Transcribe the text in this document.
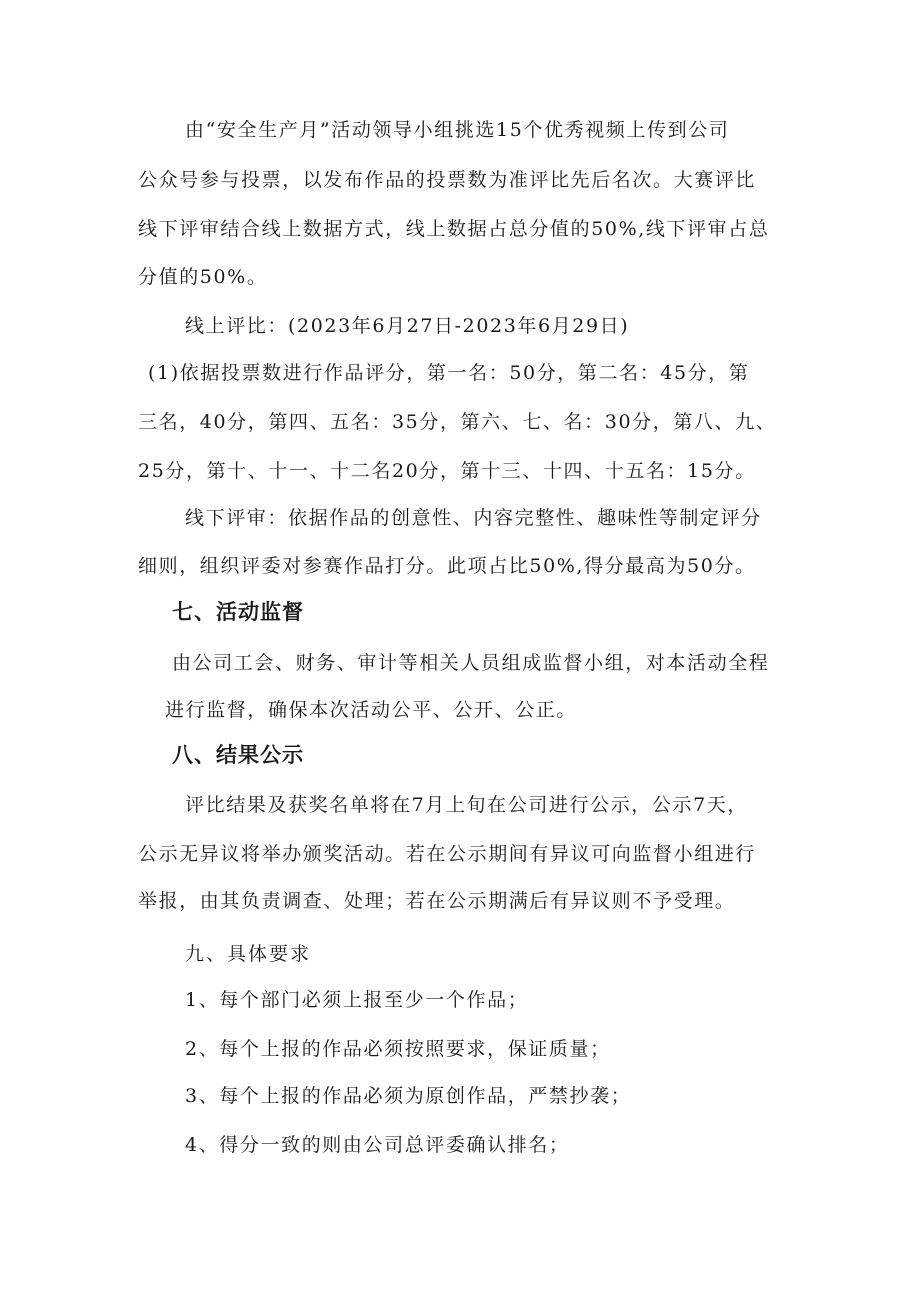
由“安全生产月”活动领导小组挑选15个优秀视频上传到公司
公众号参与投票，以发布作品的投票数为准评比先后名次。大赛评比
线下评审结合线上数据方式，线上数据占总分值的50%,线下评审占总
分值的50%。
线上评比：(2023年6月27日-2023年6月29日)
(1)依据投票数进行作品评分，第一名：50分，第二名：45分，第
三名，40分，第四、五名：35分，第六、七、名：30分，第八、九、
25分，第十、十一、十二名20分，第十三、十四、十五名：15分。
线下评审：依据作品的创意性、内容完整性、趣味性等制定评分
细则，组织评委对参赛作品打分。此项占比50%,得分最高为50分。
七、活动监督
由公司工会、财务、审计等相关人员组成监督小组，对本活动全程
进行监督，确保本次活动公平、公开、公正。
八、结果公示
评比结果及获奖名单将在7月上旬在公司进行公示，公示7天，
公示无异议将举办颁奖活动。若在公示期间有异议可向监督小组进行
举报，由其负责调查、处理；若在公示期满后有异议则不予受理。
九、具体要求
1、每个部门必须上报至少一个作品；
2、每个上报的作品必须按照要求，保证质量；
3、每个上报的作品必须为原创作品，严禁抄袭；
4、得分一致的则由公司总评委确认排名；
